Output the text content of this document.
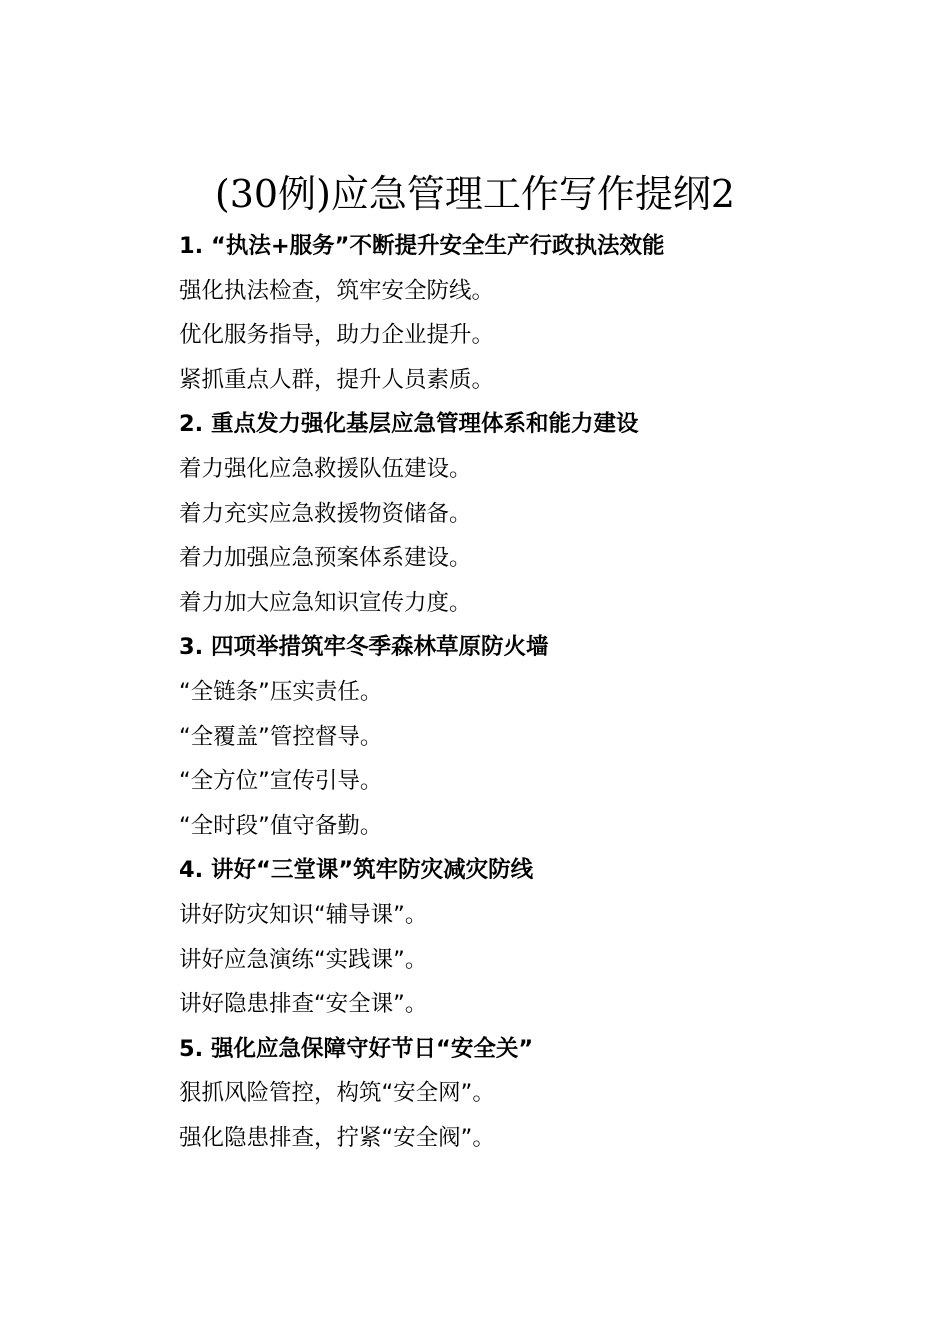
(30例)应急管理工作写作提纲2

1. “执法+服务”不断提升安全生产行政执法效能

强化执法检查，筑牢安全防线。

优化服务指导，助力企业提升。

紧抓重点人群，提升人员素质。

2. 重点发力强化基层应急管理体系和能力建设

着力强化应急救援队伍建设。

着力充实应急救援物资储备。

着力加强应急预案体系建设。

着力加大应急知识宣传力度。

3. 四项举措筑牢冬季森林草原防火墙

“全链条”压实责任。

“全覆盖”管控督导。

“全方位”宣传引导。

“全时段”值守备勤。

4. 讲好“三堂课”筑牢防灾减灾防线

讲好防灾知识“辅导课”。

讲好应急演练“实践课”。

讲好隐患排查“安全课”。

5. 强化应急保障守好节日“安全关”

狠抓风险管控，构筑“安全网”。

强化隐患排查，拧紧“安全阀”。
